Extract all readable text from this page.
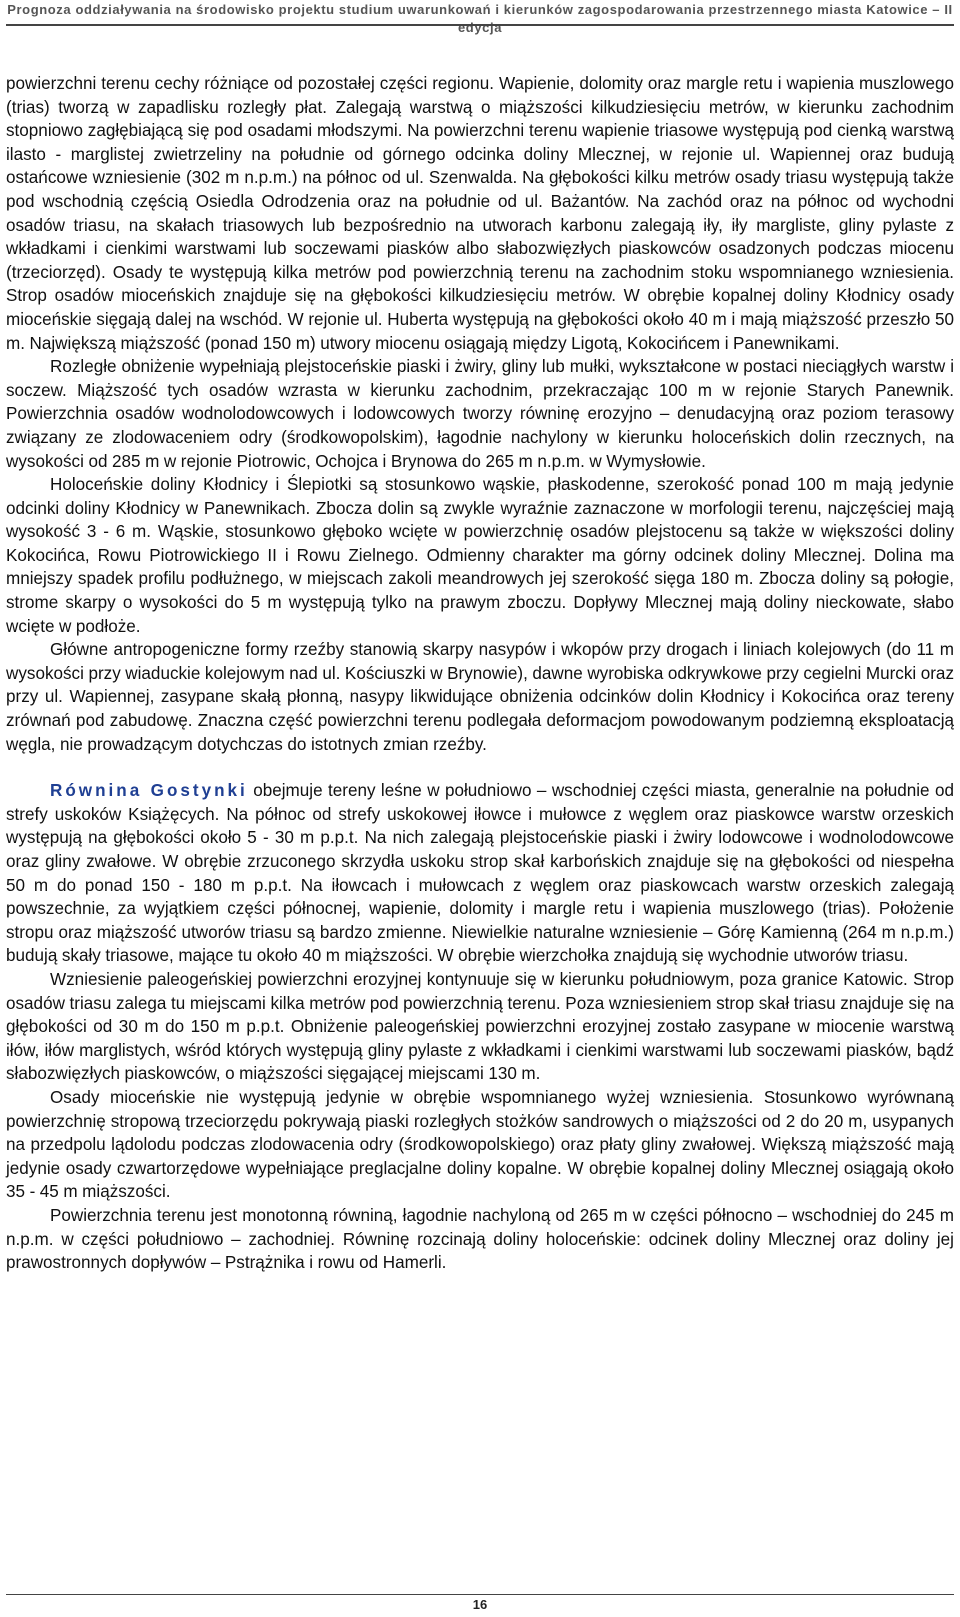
Prognoza oddziaływania na środowisko projektu studium uwarunkowań i kierunków zagospodarowania przestrzennego miasta Katowice – II edycja

powierzchni terenu cechy różniące od pozostałej części regionu. Wapienie, dolomity oraz margle retu i wapienia muszlowego (trias) tworzą w zapadlisku rozległy płat. Zalegają warstwą o miąższości kilkudziesięciu metrów, w kierunku zachodnim stopniowo zagłębiającą się pod osadami młodszymi. Na powierzchni terenu wapienie triasowe występują pod cienką warstwą ilasto - marglistej zwietrzeliny na południe od górnego odcinka doliny Mlecznej, w rejonie ul. Wapiennej oraz budują ostańcowe wzniesienie (302 m n.p.m.) na północ od ul. Szenwalda. Na głębokości kilku metrów osady triasu występują także pod wschodnią częścią Osiedla Odrodzenia oraz na południe od ul. Bażantów. Na zachód oraz na północ od wychodni osadów triasu, na skałach triasowych lub bezpośrednio na utworach karbonu zalegają iły, iły margliste, gliny pylaste z wkładkami i cienkimi warstwami lub soczewami piasków albo słabozwięzłych piaskowców osadzonych podczas miocenu (trzeciorzęd). Osady te występują kilka metrów pod powierzchnią terenu na zachodnim stoku wspomnianego wzniesienia. Strop osadów mioceńskich znajduje się na głębokości kilkudziesięciu metrów. W obrębie kopalnej doliny Kłodnicy osady mioceńskie sięgają dalej na wschód. W rejonie ul. Huberta występują na głębokości około 40 m i mają miąższość przeszło 50 m. Największą miąższość (ponad 150 m) utwory miocenu osiągają między Ligotą, Kokocińcem i Panewnikami.

Rozległe obniżenie wypełniają plejstoceńskie piaski i żwiry, gliny lub mułki, wykształcone w postaci nieciągłych warstw i soczew. Miąższość tych osadów wzrasta w kierunku zachodnim, przekraczając 100 m w rejonie Starych Panewnik. Powierzchnia osadów wodnolodowcowych i lodowcowych tworzy równinę erozyjno – denudacyjną oraz poziom terasowy związany ze zlodowaceniem odry (środkowopolskim), łagodnie nachylony w kierunku holoceńskich dolin rzecznych, na wysokości od 285 m w rejonie Piotrowic, Ochojca i Brynowa do 265 m n.p.m. w Wymysłowie.

Holoceńskie doliny Kłodnicy i Ślepiotki są stosunkowo wąskie, płaskodenne, szerokość ponad 100 m mają jedynie odcinki doliny Kłodnicy w Panewnikach. Zbocza dolin są zwykle wyraźnie zaznaczone w morfologii terenu, najczęściej mają wysokość 3 - 6 m. Wąskie, stosunkowo głęboko wcięte w powierzchnię osadów plejstocenu są także w większości doliny Kokocińca, Rowu Piotrowickiego II i Rowu Zielnego. Odmienny charakter ma górny odcinek doliny Mlecznej. Dolina ma mniejszy spadek profilu podłużnego, w miejscach zakoli meandrowych jej szerokość sięga 180 m. Zbocza doliny są połogie, strome skarpy o wysokości do 5 m występują tylko na prawym zboczu. Dopływy Mlecznej mają doliny nieckowate, słabo wcięte w podłoże.

Główne antropogeniczne formy rzeźby stanowią skarpy nasypów i wkopów przy drogach i liniach kolejowych (do 11 m wysokości przy wiaduckie kolejowym nad ul. Kościuszki w Brynowie), dawne wyrobiska odkrywkowe przy cegielni Murcki oraz przy ul. Wapiennej, zasypane skałą płonną, nasypy likwidujące obniżenia odcinków dolin Kłodnicy i Kokocińca oraz tereny zrównań pod zabudowę. Znaczna część powierzchni terenu podlegała deformacjom powodowanym podziemną eksploatacją węgla, nie prowadzącym dotychczas do istotnych zmian rzeźby.

Równina Gostynki obejmuje tereny leśne w południowo – wschodniej części miasta, generalnie na południe od strefy uskoków Książęcych. Na północ od strefy uskokowej iłowce i mułowce z węglem oraz piaskowce warstw orzeskich występują na głębokości około 5 - 30 m p.p.t. Na nich zalegają plejstoceńskie piaski i żwiry lodowcowe i wodnolodowcowe oraz gliny zwałowe. W obrębie zrzuconego skrzydła uskoku strop skał karbońskich znajduje się na głębokości od niespełna 50 m do ponad 150 - 180 m p.p.t. Na iłowcach i mułowcach z węglem oraz piaskowcach warstw orzeskich zalegają powszechnie, za wyjątkiem części północnej, wapienie, dolomity i margle retu i wapienia muszlowego (trias). Położenie stropu oraz miąższość utworów triasu są bardzo zmienne. Niewielkie naturalne wzniesienie – Górę Kamienną (264 m n.p.m.) budują skały triasowe, mające tu około 40 m miąższości. W obrębie wierzchołka znajdują się wychodnie utworów triasu.

Wzniesienie paleogeńskiej powierzchni erozyjnej kontynuuje się w kierunku południowym, poza granice Katowic. Strop osadów triasu zalega tu miejscami kilka metrów pod powierzchnią terenu. Poza wzniesieniem strop skał triasu znajduje się na głębokości od 30 m do 150 m p.p.t. Obniżenie paleogeńskiej powierzchni erozyjnej zostało zasypane w miocenie warstwą iłów, iłów marglistych, wśród których występują gliny pylaste z wkładkami i cienkimi warstwami lub soczewami piasków, bądź słabozwięzłych piaskowców, o miąższości sięgającej miejscami 130 m.

Osady mioceńskie nie występują jedynie w obrębie wspomnianego wyżej wzniesienia. Stosunkowo wyrównaną powierzchnię stropową trzeciorzędu pokrywają piaski rozległych stożków sandrowych o miąższości od 2 do 20 m, usypanych na przedpolu lądolodu podczas zlodowacenia odry (środkowopolskiego) oraz płaty gliny zwałowej. Większą miąższość mają jedynie osady czwartorzędowe wypełniające preglacjalne doliny kopalne. W obrębie kopalnej doliny Mlecznej osiągają około 35 - 45 m miąższości.

Powierzchnia terenu jest monotonną równiną, łagodnie nachyloną od 265 m w części północno – wschodniej do 245 m n.p.m. w części południowo – zachodniej. Równinę rozcinają doliny holoceńskie: odcinek doliny Mlecznej oraz doliny jej prawostronnych dopływów – Pstrążnika i rowu od Hamerli.

16
